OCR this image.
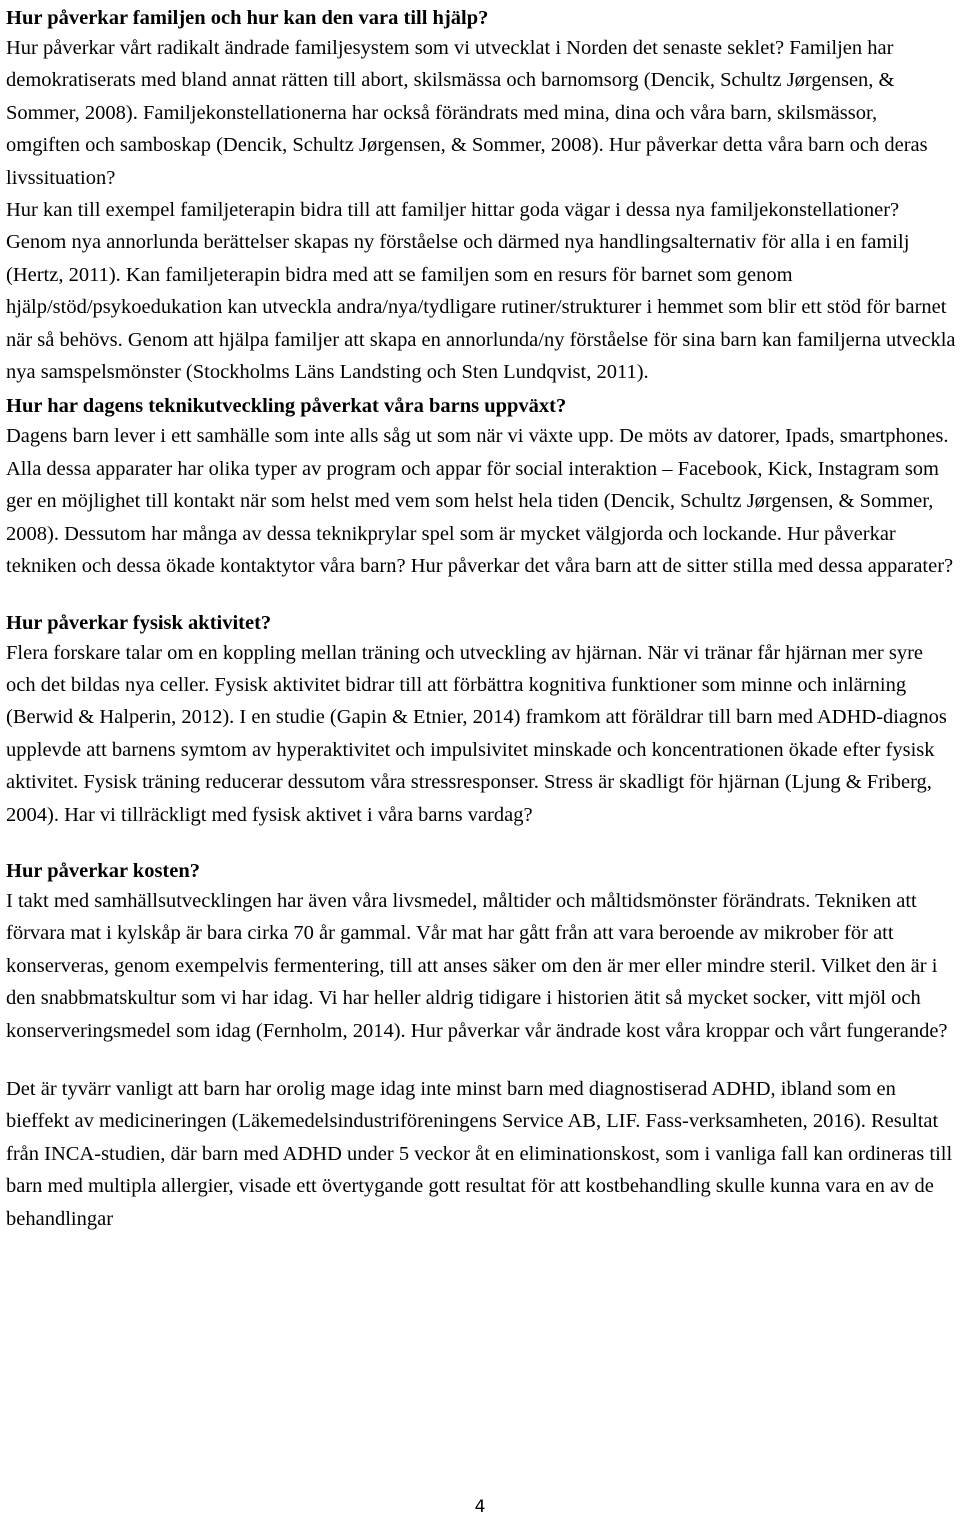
Hur påverkar familjen och hur kan den vara till hjälp?

Hur påverkar vårt radikalt ändrade familjesystem som vi utvecklat i Norden det senaste seklet? Familjen har demokratiserats med bland annat rätten till abort, skilsmässa och barnomsorg (Dencik, Schultz Jørgensen, & Sommer, 2008). Familjekonstellationerna har också förändrats med mina, dina och våra barn, skilsmässor, omgiften och samboskap (Dencik, Schultz Jørgensen, & Sommer, 2008). Hur påverkar detta våra barn och deras livssituation?

Hur kan till exempel familjeterapin bidra till att familjer hittar goda vägar i dessa nya familjekonstellationer? Genom nya annorlunda berättelser skapas ny förståelse och därmed nya handlingsalternativ för alla i en familj (Hertz, 2011). Kan familjeterapin bidra med att se familjen som en resurs för barnet som genom hjälp/stöd/psykoedukation kan utveckla andra/nya/tydligare rutiner/strukturer i hemmet som blir ett stöd för barnet när så behövs. Genom att hjälpa familjer att skapa en annorlunda/ny förståelse för sina barn kan familjerna utveckla nya samspelsmönster (Stockholms Läns Landsting och Sten Lundqvist, 2011).

Hur har dagens teknikutveckling påverkat våra barns uppväxt?

Dagens barn lever i ett samhälle som inte alls såg ut som när vi växte upp. De möts av datorer, Ipads, smartphones. Alla dessa apparater har olika typer av program och appar för social interaktion – Facebook, Kick, Instagram som ger en möjlighet till kontakt när som helst med vem som helst hela tiden (Dencik, Schultz Jørgensen, & Sommer, 2008). Dessutom har många av dessa teknikprylar spel som är mycket välgjorda och lockande. Hur påverkar tekniken och dessa ökade kontaktytor våra barn? Hur påverkar det våra barn att de sitter stilla med dessa apparater?

Hur påverkar fysisk aktivitet?

Flera forskare talar om en koppling mellan träning och utveckling av hjärnan. När vi tränar får hjärnan mer syre och det bildas nya celler. Fysisk aktivitet bidrar till att förbättra kognitiva funktioner som minne och inlärning (Berwid & Halperin, 2012). I en studie (Gapin & Etnier, 2014) framkom att föräldrar till barn med ADHD-diagnos upplevde att barnens symtom av hyperaktivitet och impulsivitet minskade och koncentrationen ökade efter fysisk aktivitet. Fysisk träning reducerar dessutom våra stressresponser. Stress är skadligt för hjärnan (Ljung & Friberg, 2004). Har vi tillräckligt med fysisk aktivet i våra barns vardag?

Hur påverkar kosten?

I takt med samhällsutvecklingen har även våra livsmedel, måltider och måltidsmönster förändrats. Tekniken att förvara mat i kylskåp är bara cirka 70 år gammal. Vår mat har gått från att vara beroende av mikrober för att konserveras, genom exempelvis fermentering, till att anses säker om den är mer eller mindre steril. Vilket den är i den snabbmatskultur som vi har idag. Vi har heller aldrig tidigare i historien ätit så mycket socker, vitt mjöl och konserveringsmedel som idag (Fernholm, 2014). Hur påverkar vår ändrade kost våra kroppar och vårt fungerande?

Det är tyvärr vanligt att barn har orolig mage idag inte minst barn med diagnostiserad ADHD, ibland som en bieffekt av medicineringen (Läkemedelsindustriföreningens Service AB, LIF. Fass-verksamheten, 2016). Resultat från INCA-studien, där barn med ADHD under 5 veckor åt en eliminationskost, som i vanliga fall kan ordineras till barn med multipla allergier, visade ett övertygande gott resultat för att kostbehandling skulle kunna vara en av de behandlingar

4
